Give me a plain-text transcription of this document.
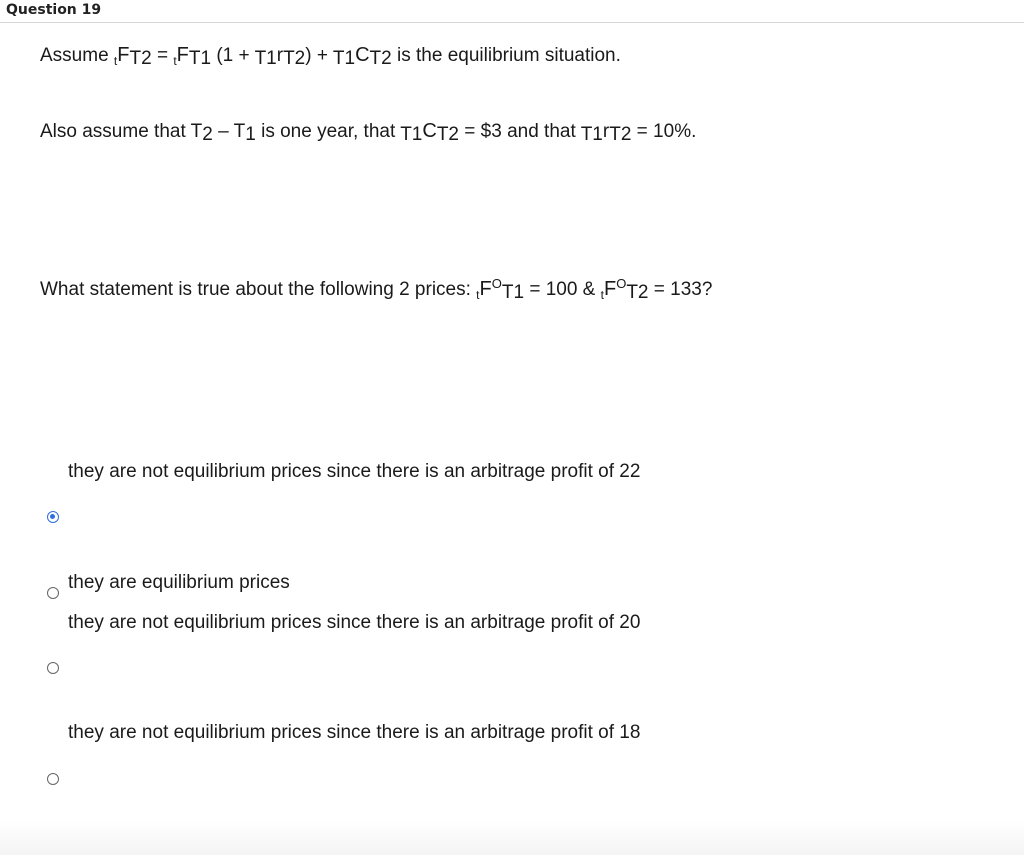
Question 19
Assume $_t$FT2 = $_t$FT1 (1 + T1rT2) + T1CT2 is the equilibrium situation.
Also assume that T2 – T1 is one year, that T1CT2 = $3 and that T1rT2 = 10%.
What statement is true about the following 2 prices: $_tF^OT1 = 100$ & $_tF^OT2 = 133$?
they are not equilibrium prices since there is an arbitrage profit of 22
they are equilibrium prices
they are not equilibrium prices since there is an arbitrage profit of 20
they are not equilibrium prices since there is an arbitrage profit of 18
